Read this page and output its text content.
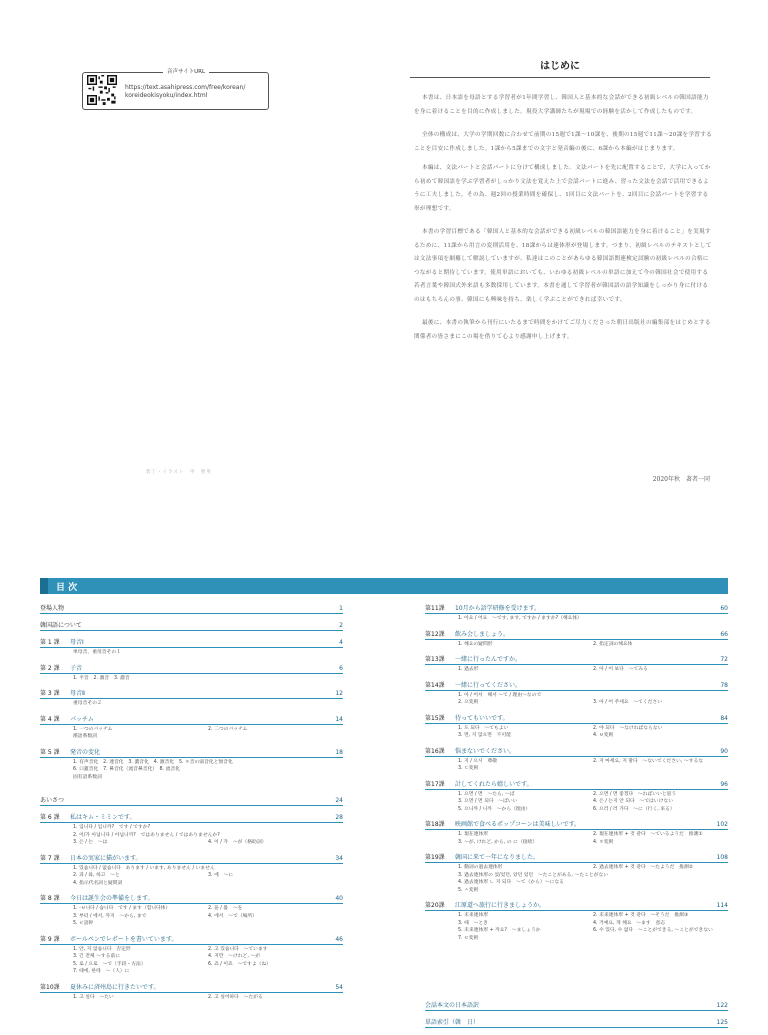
音声サイトURL
https://text.asahipress.com/free/korean/
koreideokisyoku/index.html
はじめに

本書は、日本語を母語とする学習者が1年間学習し、韓国人と基本的な会話ができる初級レベルの韓国語能力を身に着けることを目的に作成しました。現役大学講師たちが現場での経験を活かして作成したものです。

全体の構成は、大学の学期回数に合わせて前期の15週で1課〜10課を、後期の15週で11課〜20課を学習することを目安に作成しました。1課から5課までの文字と発音編の後に、6課から本編がはじまります。

本編は、文法パートと会話パートに分けて構成しました。文法パートを先に配置することで、大学に入ってから初めて韓国語を学ぶ学習者がしっかり文法を覚えた上で会話パートに進み、習った文法を会話で活用できるように工夫しました。その為、週2回の授業時間を確保し、1回目に文法パートを、2回目に会話パートを学習する形が理想です。

本書の学習目標である「韓国人と基本的な会話ができる初級レベルの韓国語能力を身に着けること」を実現するために、11課から用言の変則活用を、18課からは連体形が登場します。つまり、初級レベルのテキストとしては文法事項を網羅して解説していますが、私達はこのことがあらゆる韓国語関連検定試験の初級レベルの合格につながると期待しています。使用単語においても、いわゆる初級レベルの単語に加えて今の韓国社会で使用する若者言葉や韓国式外来語も多数採用しています。本書を通して学習者が韓国語の語学知識をしっかり身に付けるのはもちろんの事、韓国にも興味を持ち、楽しく学ぶことができれば幸いです。

最後に、本書の執筆から刊行にいたるまで時間をかけてご尽力くださった朝日出版社の編集部をはじめとする関係者の皆さまにこの場を借りて心より感謝申し上げます。

装丁・イラスト　申　智英
2020年秋　著者一同
目 次
登場人物	1
韓国語について	2
第 1 課 母音Ⅰ	4
単母音、重母音その１
第 2 課 子音	6
1. 平音　2. 激音　3. 濃音
第 3 課 母音Ⅱ	12
重母音その２
第 4 課 パッチム	14
1. 一つのパッチム	2. 二つのパッチム
漢語系数詞
第 5 課 発音の変化	18
1. 有声音化　2. 連音化　3. 濃音化　4. 激音化　5. ㅎ音の弱音化と無音化
6. 口蓋音化　7. 鼻音化（流音鼻音化）　8. 流音化
固有語系数詞
あいさつ	24
第 6 課 私はキム・ミミンです。	28
1. 입니다 / 입니까?　です / ですか?
2. 이/가 아닙니다 / 아닙니까?　ではありません / ではありませんか?
3. 은 / 는　〜は	4. 이 / 가　〜が（格助詞）
第 7 課 日本の実家に猫がいます。	34
1. 있습니다 / 없습니다　あります / います, ありません / いません
2. 과 / 와, 하고　〜と	3. 에　〜に
4. 指示代名詞と疑問詞
第 8 課 今日は誕生会の準備をします。	40
1. -ㅂ니다 / 습니다　です / ます（합니다体）	2. 을 / 를　〜を
3. 부터 / 에서, 까지　〜から, まで	4. 에서　〜で（場所）
5. ㄹ語幹
第 9 課 ボールペンでレポートを書いています。	46
1. 안, 지 않습니다　否定形	2. 고 있습니다　〜ています
3. 긴 전체 〜する前に	4. 지만　〜けれど, 〜が
5. 로 / 으로　〜で（手段・方法）	6. 죠 / 이죠　〜ですよ（ね）
7. 때에, 한테　〜（人）に
第10課 夏休みに済州島に行きたいです。	54
1. 고 싶다　〜たい	2. 고 싶어하다　〜たがる
第11課 10月から語学研修を受けます。	60
1. 아요 / 어요　〜です, ます, ですか / ますか?（해요体）
第12課 飲み会しましょう。	66
1. 해요の疑問形	2. 指定詞の해요体
第13課 一緒に行ったんですか。	72
1. 過去形	2. 아 / 어 보다　〜てみる
第14課 一緒に行ってください。	78
1. 아 / 어서　해서 〜て / 理由〜なので
2. 으変則	3. 아 / 어 주세요　〜てください
第15課 待ってもいいです。	84
1. 도 되다　〜てもよい	2. 야 되다　〜なければならない
3. 면, 지 않으면　不可能	4. ㅂ変則
第16課 悩まないでください。	90
1. 지 / 으시　尊敬	2. 지 마세요, 지 말다　〜ないでください, 〜するな
3. ㄷ変則
第17課 計してくれたら嬉しいです。	96
1. 으면 / 면　〜たら, 〜ば	2. 으면 / 면 좋겠다　〜ればいいと思う
3. 으면 / 면 되다　〜ばいい	4. 은 / 는지 안 되다　〜ではいけない
5. 으니까 / 니까　〜から（理由）	6. 으러 / 러 가다　〜に（行く, 来る）
第18課 映画館で食べるポップコーンは美味しいです。	102
1. 現在連体形	2. 現在連体形 + 것 같다　〜ているようだ　推測①
3. 〜が, けれど, から, の に（接続）	4. ㅎ変則
第19課 韓国に来て一年になりました。	108
1. 動詞の過去連体形	2. 過去連体形 + 것 같다　〜たようだ　推測②
3. 過去連体形の 었/었던, 았던 었던　〜たことがある, 〜たことがない
4. 過去連体形 ㄴ 지 되다　〜て（から）〜になる
5. ㅅ変則
第20課 江原道へ旅行に行きましょうか。	114
1. 未来連体形	2. 未来連体形 + 것 같다　〜そうだ　推測③
3. 때　〜とき	4. 거예요, 게 해요　〜ます　意志
5. 未来連体形 + 까요?　〜ましょうか	6. 수 있다, 수 없다　〜ことができる, 〜ことができない
7. ㄹ変則
会話本文の日本語訳	122
単語索引（韓　日）	125
